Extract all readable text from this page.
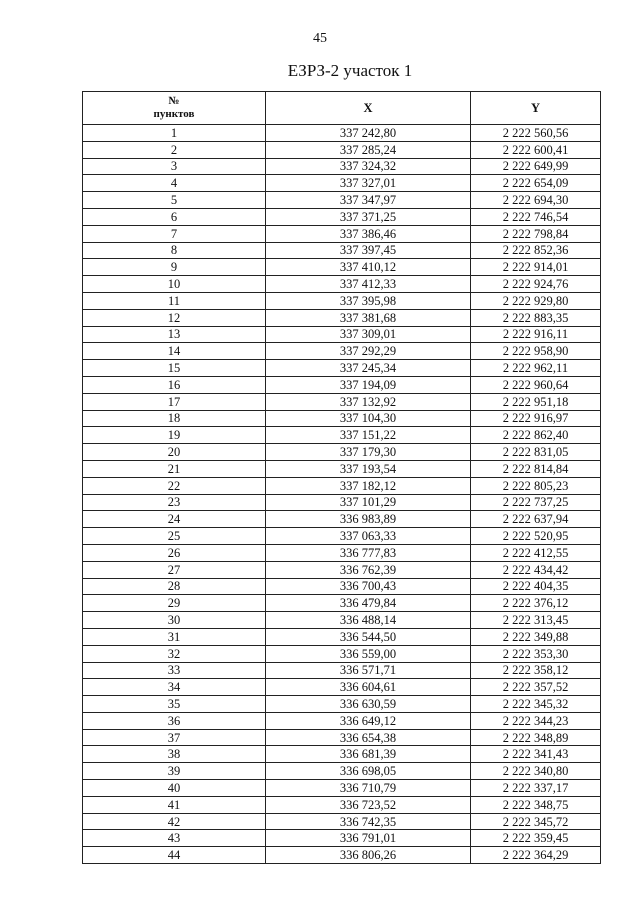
45
ЕЗРЗ-2 участок 1
№
пунктов	X	Y
1	337 242,80	2 222 560,56
2	337 285,24	2 222 600,41
3	337 324,32	2 222 649,99
4	337 327,01	2 222 654,09
5	337 347,97	2 222 694,30
6	337 371,25	2 222 746,54
7	337 386,46	2 222 798,84
8	337 397,45	2 222 852,36
9	337 410,12	2 222 914,01
10	337 412,33	2 222 924,76
11	337 395,98	2 222 929,80
12	337 381,68	2 222 883,35
13	337 309,01	2 222 916,11
14	337 292,29	2 222 958,90
15	337 245,34	2 222 962,11
16	337 194,09	2 222 960,64
17	337 132,92	2 222 951,18
18	337 104,30	2 222 916,97
19	337 151,22	2 222 862,40
20	337 179,30	2 222 831,05
21	337 193,54	2 222 814,84
22	337 182,12	2 222 805,23
23	337 101,29	2 222 737,25
24	336 983,89	2 222 637,94
25	337 063,33	2 222 520,95
26	336 777,83	2 222 412,55
27	336 762,39	2 222 434,42
28	336 700,43	2 222 404,35
29	336 479,84	2 222 376,12
30	336 488,14	2 222 313,45
31	336 544,50	2 222 349,88
32	336 559,00	2 222 353,30
33	336 571,71	2 222 358,12
34	336 604,61	2 222 357,52
35	336 630,59	2 222 345,32
36	336 649,12	2 222 344,23
37	336 654,38	2 222 348,89
38	336 681,39	2 222 341,43
39	336 698,05	2 222 340,80
40	336 710,79	2 222 337,17
41	336 723,52	2 222 348,75
42	336 742,35	2 222 345,72
43	336 791,01	2 222 359,45
44	336 806,26	2 222 364,29
